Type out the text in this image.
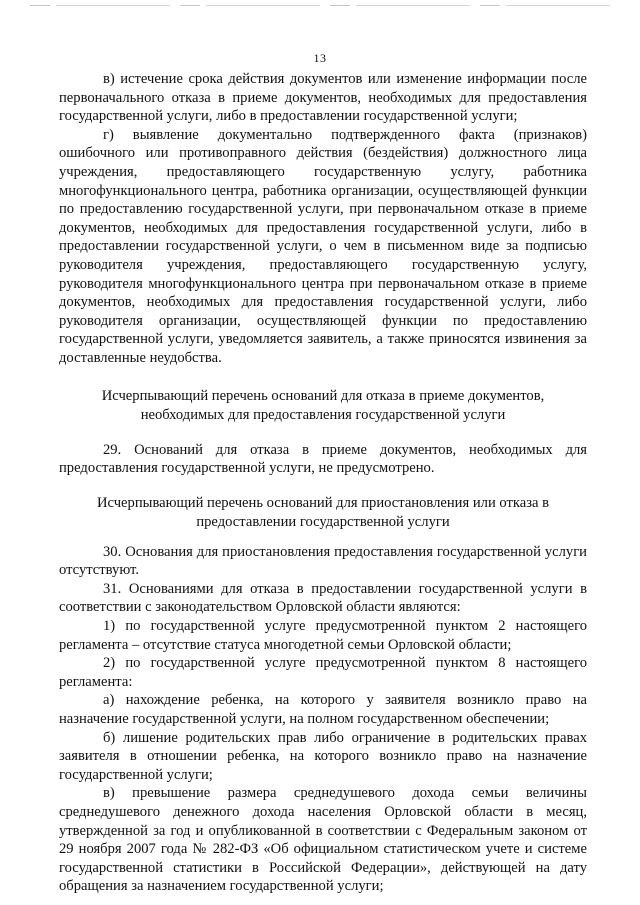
13

в) истечение срока действия документов или изменение информации после первоначального отказа в приеме документов, необходимых для предоставления государственной услуги, либо в предоставлении государственной услуги;

г) выявление документально подтвержденного факта (признаков) ошибочного или противоправного действия (бездействия) должностного лица учреждения, предоставляющего государственную услугу, работника многофункционального центра, работника организации, осуществляющей функции по предоставлению государственной услуги, при первоначальном отказе в приеме документов, необходимых для предоставления государственной услуги, либо в предоставлении государственной услуги, о чем в письменном виде за подписью руководителя учреждения, предоставляющего государственную услугу, руководителя многофункционального центра при первоначальном отказе в приеме документов, необходимых для предоставления государственной услуги, либо руководителя организации, осуществляющей функции по предоставлению государственной услуги, уведомляется заявитель, а также приносятся извинения за доставленные неудобства.

Исчерпывающий перечень оснований для отказа в приеме документов, необходимых для предоставления государственной услуги

29. Оснований для отказа в приеме документов, необходимых для предоставления государственной услуги, не предусмотрено.

Исчерпывающий перечень оснований для приостановления или отказа в предоставлении государственной услуги

30. Основания для приостановления предоставления государственной услуги отсутствуют.

31. Основаниями для отказа в предоставлении государственной услуги в соответствии с законодательством Орловской области являются:

1) по государственной услуге предусмотренной пунктом 2 настоящего регламента – отсутствие статуса многодетной семьи Орловской области;

2) по государственной услуге предусмотренной пунктом 8 настоящего регламента:

а) нахождение ребенка, на которого у заявителя возникло право на назначение государственной услуги, на полном государственном обеспечении;

б) лишение родительских прав либо ограничение в родительских правах заявителя в отношении ребенка, на которого возникло право на назначение государственной услуги;

в) превышение размера среднедушевого дохода семьи величины среднедушевого денежного дохода населения Орловской области в месяц, утвержденной за год и опубликованной в соответствии с Федеральным законом от 29 ноября 2007 года № 282-ФЗ «Об официальном статистическом учете и системе государственной статистики в Российской Федерации», действующей на дату обращения за назначением государственной услуги;
